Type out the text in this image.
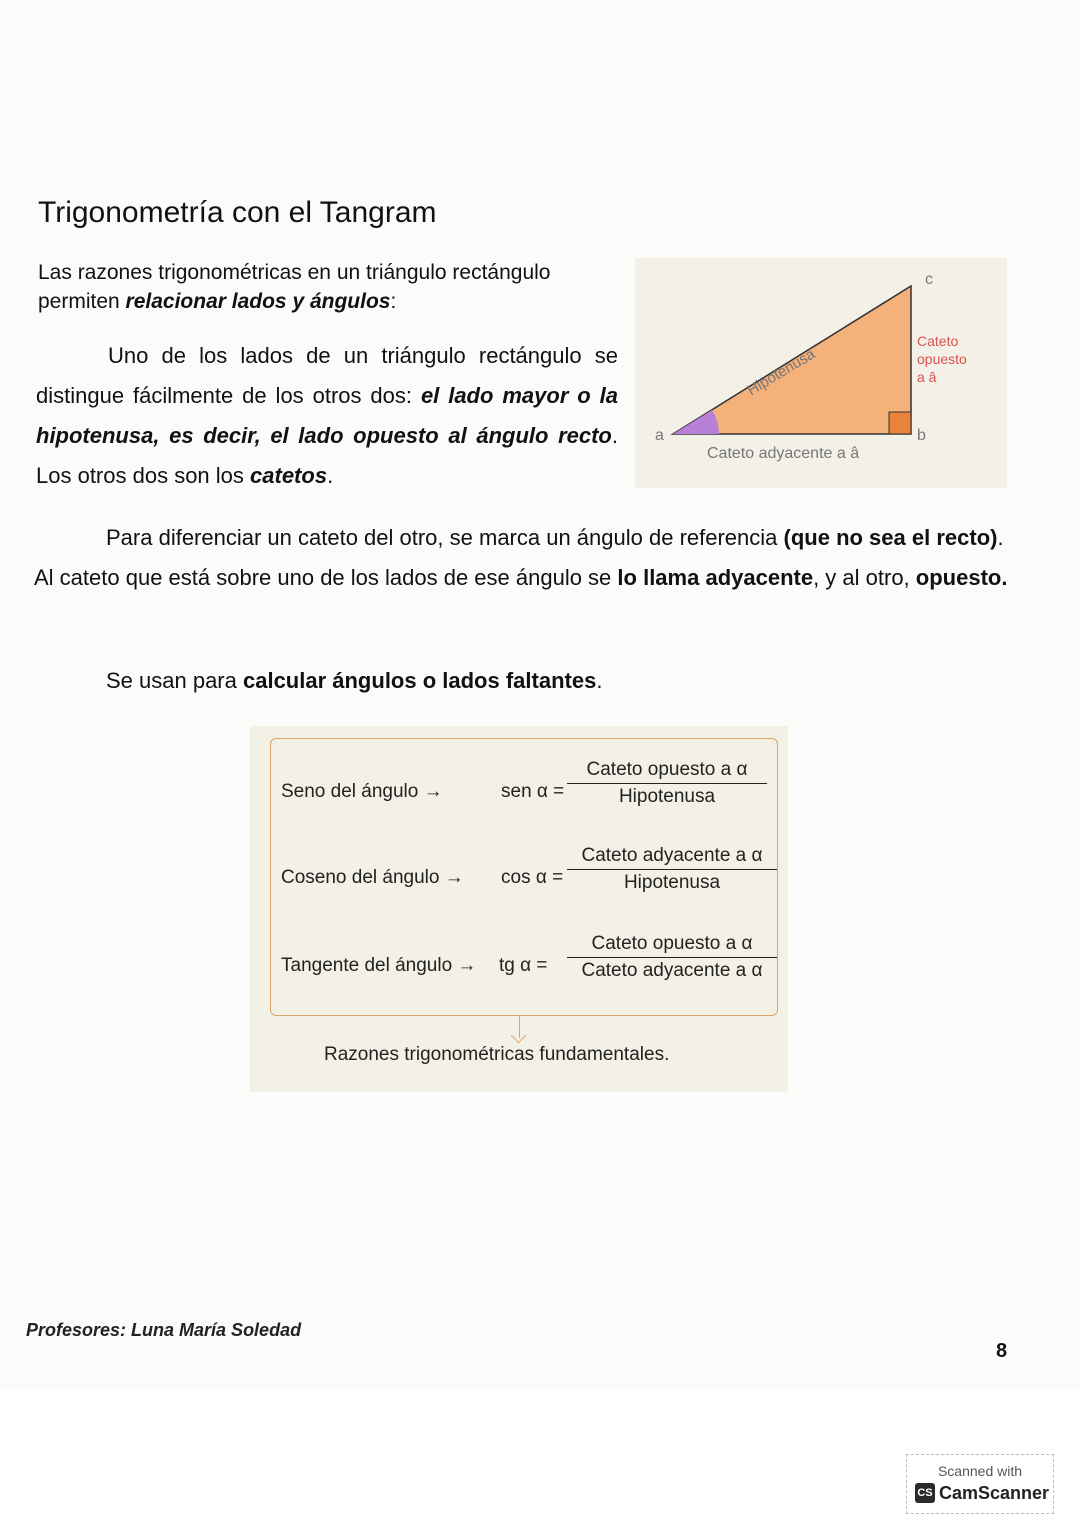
Trigonometría con el Tangram
Las razones trigonométricas en un triángulo rectángulo permiten relacionar lados y ángulos:
Uno de los lados de un triángulo rectángulo se distingue fácilmente de los otros dos: el lado mayor o la hipotenusa, es decir, el lado opuesto al ángulo recto. Los otros dos son los catetos.
a	b
c
Hipotenusa
Cateto
opuesto
a â
Cateto adyacente a â
Para diferenciar un cateto del otro, se marca un ángulo de referencia (que no sea el recto). Al cateto que está sobre uno de los lados de ese ángulo se lo llama adyacente, y al otro, opuesto.
Se usan para calcular ángulos o lados faltantes.
Seno del ángulo →	sen α =
Cateto opuesto a α
Hipotenusa
Coseno del ángulo → cos α =
Cateto adyacente a α
Hipotenusa
Tangente del ángulo → tg α =
Cateto opuesto a α
Cateto adyacente a α
Razones trigonométricas fundamentales.
Profesores: Luna María Soledad
8
Scanned with
CS CamScanner
